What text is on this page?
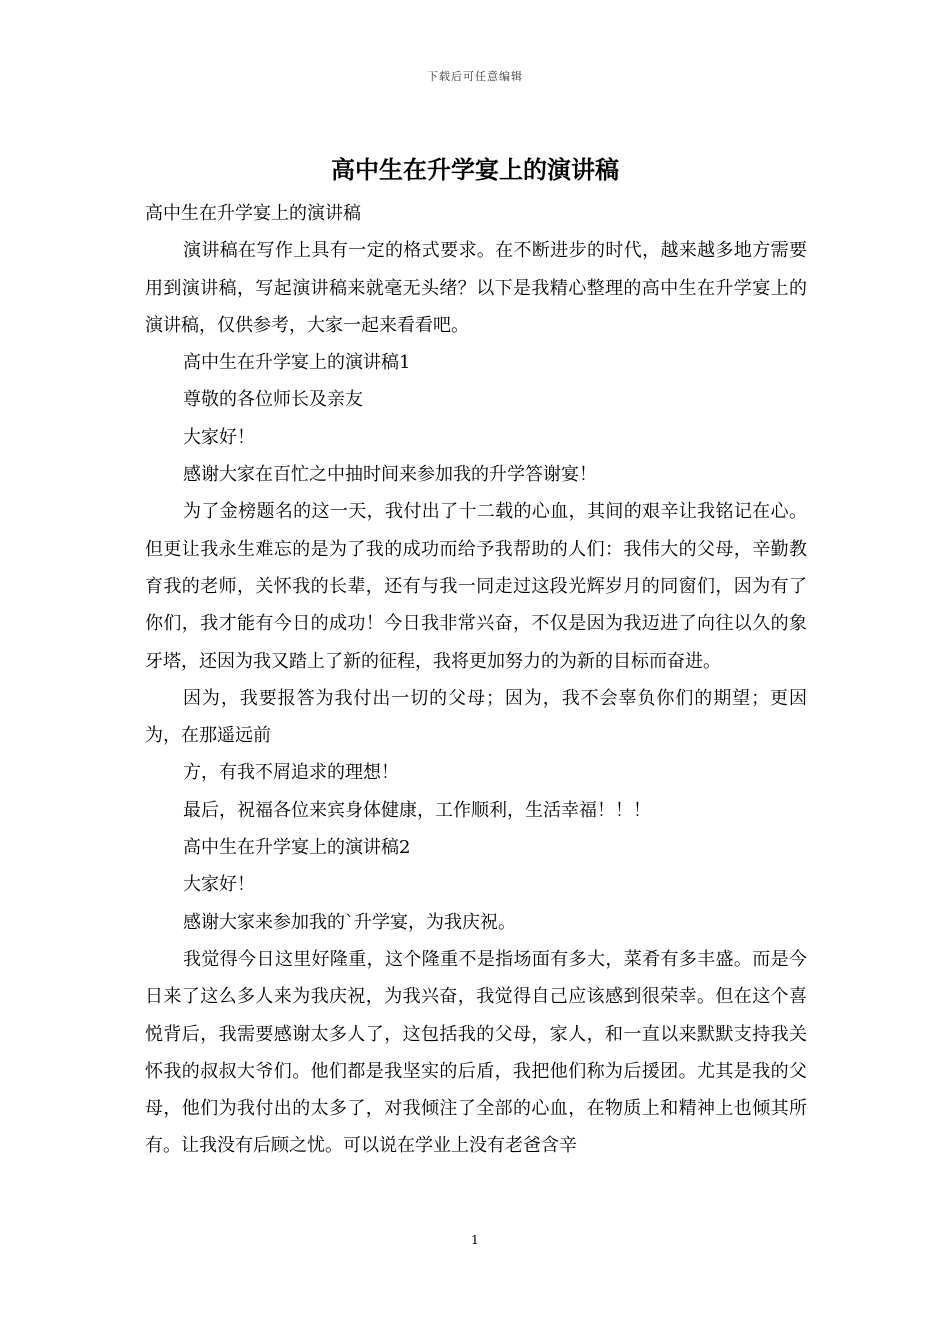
下载后可任意编辑
高中生在升学宴上的演讲稿

高中生在升学宴上的演讲稿

演讲稿在写作上具有一定的格式要求。在不断进步的时代，越来越多地方需要用到演讲稿，写起演讲稿来就毫无头绪？以下是我精心整理的高中生在升学宴上的演讲稿，仅供参考，大家一起来看看吧。

高中生在升学宴上的演讲稿1

尊敬的各位师长及亲友

大家好！

感谢大家在百忙之中抽时间来参加我的升学答谢宴！

为了金榜题名的这一天，我付出了十二载的心血，其间的艰辛让我铭记在心。但更让我永生难忘的是为了我的成功而给予我帮助的人们：我伟大的父母，辛勤教育我的老师，关怀我的长辈，还有与我一同走过这段光辉岁月的同窗们，因为有了你们，我才能有今日的成功！今日我非常兴奋，不仅是因为我迈进了向往以久的象牙塔，还因为我又踏上了新的征程，我将更加努力的为新的目标而奋进。

因为，我要报答为我付出一切的父母；因为，我不会辜负你们的期望；更因为，在那遥远前

方，有我不屑追求的理想！

最后，祝福各位来宾身体健康，工作顺利，生活幸福！！！

高中生在升学宴上的演讲稿2

大家好！

感谢大家来参加我的`升学宴，为我庆祝。

我觉得今日这里好隆重，这个隆重不是指场面有多大，菜肴有多丰盛。而是今日来了这么多人来为我庆祝，为我兴奋，我觉得自己应该感到很荣幸。但在这个喜悦背后，我需要感谢太多人了，这包括我的父母，家人，和一直以来默默支持我关怀我的叔叔大爷们。他们都是我坚实的后盾，我把他们称为后援团。尤其是我的父母，他们为我付出的太多了，对我倾注了全部的心血，在物质上和精神上也倾其所有。让我没有后顾之忧。可以说在学业上没有老爸含辛

1
